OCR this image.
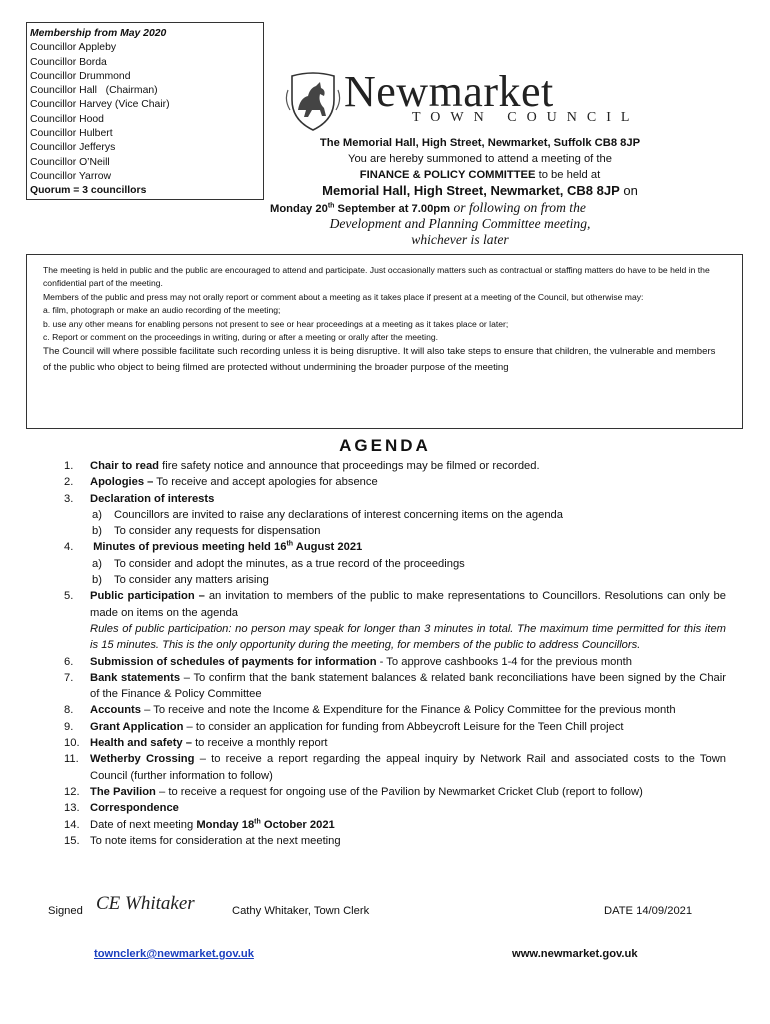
Membership from May 2020
Councillor Appleby
Councillor Borda
Councillor Drummond
Councillor Hall   (Chairman)
Councillor Harvey (Vice Chair)
Councillor Hood
Councillor Hulbert
Councillor Jefferys
Councillor O’Neill
Councillor Yarrow
Quorum = 3 councillors
Newmarket
TOWN COUNCIL
The Memorial Hall, High Street, Newmarket, Suffolk CB8 8JP
You are hereby summoned to attend a meeting of the
FINANCE & POLICY COMMITTEE to be held at
Memorial Hall, High Street, Newmarket, CB8 8JP on
Monday 20th September at 7.00pm or following on from the
Development and Planning Committee meeting,
whichever is later

The meeting is held in public and the public are encouraged to attend and participate. Just occasionally matters such as contractual or staffing matters do have to be held in the confidential part of the meeting.

Members of the public and press may not orally report or comment about a meeting as it takes place if present at a meeting of the Council, but otherwise may:

a. film, photograph or make an audio recording of the meeting;

b. use any other means for enabling persons not present to see or hear proceedings at a meeting as it takes place or later;

c. Report or comment on the proceedings in writing, during or after a meeting or orally after the meeting.

The Council will where possible facilitate such recording unless it is being disruptive. It will also take steps to ensure that children, the vulnerable and members of the public who object to being filmed are protected without undermining the broader purpose of the meeting

AGENDA
1. Chair to read fire safety notice and announce that proceedings may be filmed or recorded.
2. Apologies – To receive and accept apologies for absence
3. Declaration of interests
a) Councillors are invited to raise any declarations of interest concerning items on the agenda
b) To consider any requests for dispensation
4. Minutes of previous meeting held 16th August 2021
a) To consider and adopt the minutes, as a true record of the proceedings
b) To consider any matters arising
5. Public participation – an invitation to members of the public to make representations to Councillors. Resolutions can only be made on items on the agenda
Rules of public participation: no person may speak for longer than 3 minutes in total. The maximum time permitted for this item is 15 minutes. This is the only opportunity during the meeting, for members of the public to address Councillors.
6. Submission of schedules of payments for information - To approve cashbooks 1-4 for the previous month
7. Bank statements – To confirm that the bank statement balances & related bank reconciliations have been signed by the Chair of the Finance & Policy Committee
8. Accounts – To receive and note the Income & Expenditure for the Finance & Policy Committee for the previous month
9. Grant Application – to consider an application for funding from Abbeycroft Leisure for the Teen Chill project
10. Health and safety – to receive a monthly report
11. Wetherby Crossing – to receive a report regarding the appeal inquiry by Network Rail and associated costs to the Town Council (further information to follow)
12. The Pavilion – to receive a request for ongoing use of the Pavilion by Newmarket Cricket Club (report to follow)
13. Correspondence
14. Date of next meeting Monday 18th October 2021
15. To note items for consideration at the next meeting
Signed CE Whitaker	Cathy Whitaker, Town Clerk	DATE 14/09/2021
townclerk@newmarket.gov.uk	www.newmarket.gov.uk
